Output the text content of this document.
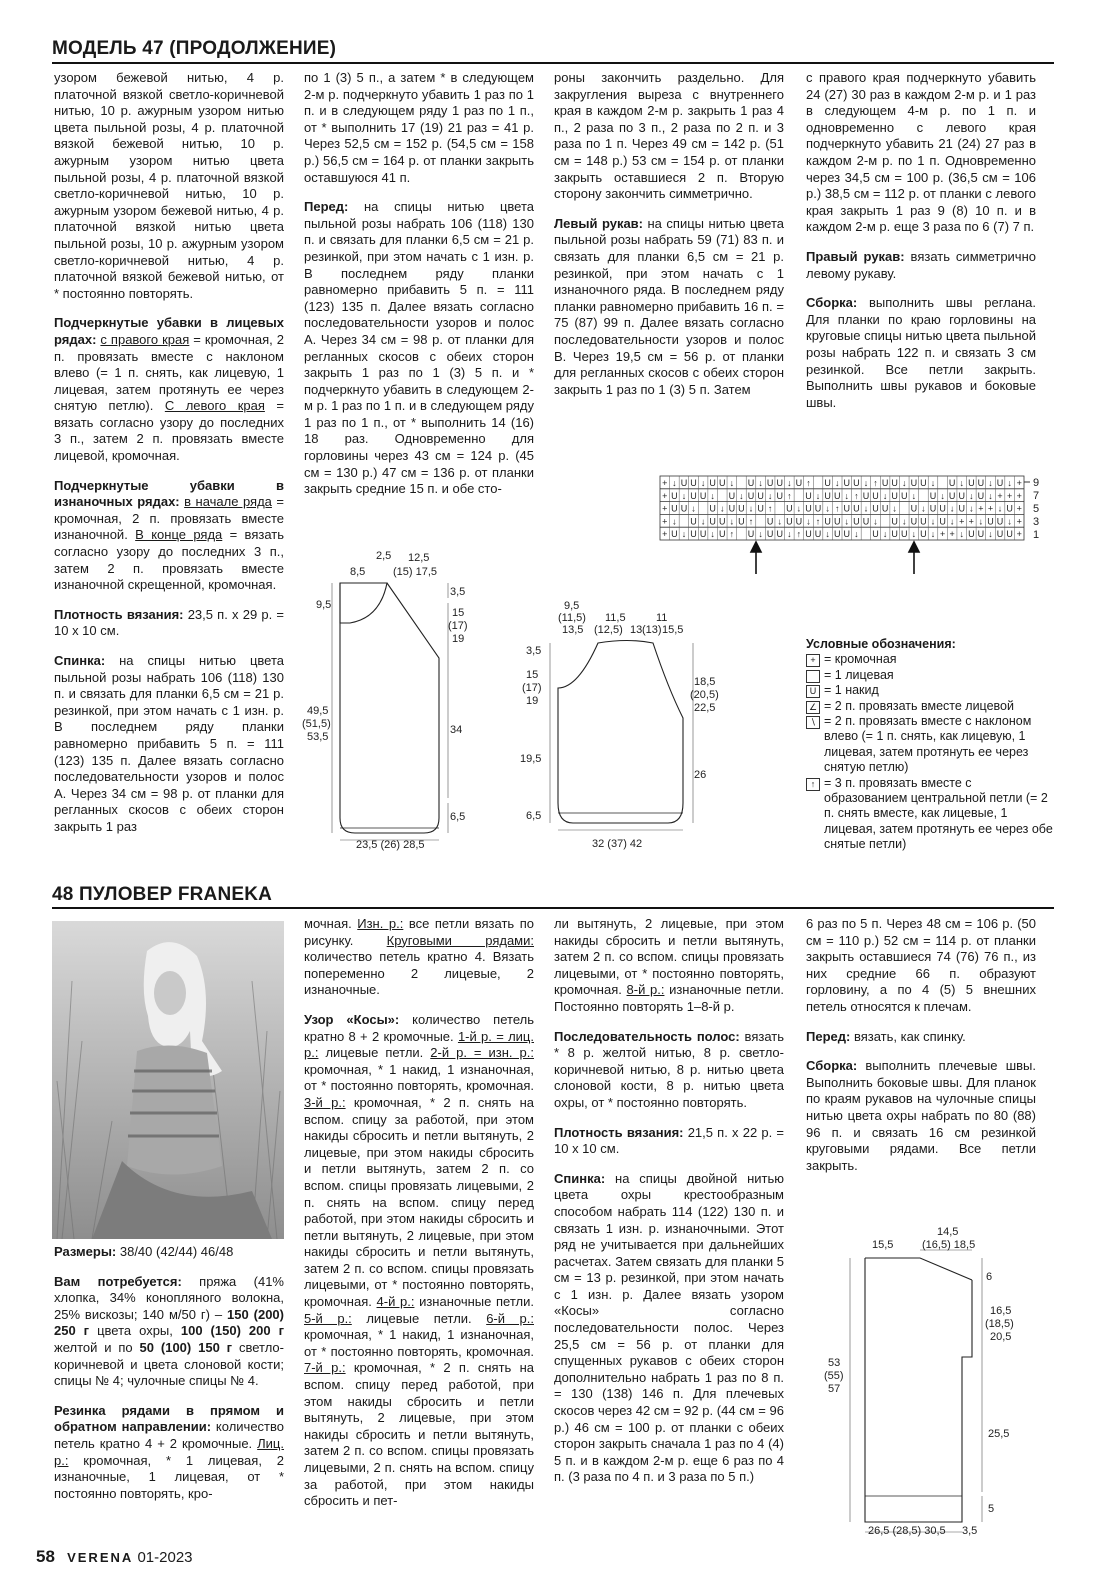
МОДЕЛЬ 47 (ПРОДОЛЖЕНИЕ)

узором бежевой нитью, 4 р. платочной вязкой светло-коричневой нитью, 10 р. ажурным узором нитью цвета пыльной розы, 4 р. платочной вязкой бежевой нитью, 10 р. ажурным узором нитью цвета пыльной розы, 4 р. платочной вязкой светло-коричневой нитью, 10 р. ажурным узором бежевой нитью, 4 р. платочной вязкой нитью цвета пыльной розы, 10 р. ажурным узором светло-коричневой нитью, 4 р. платочной вязкой бежевой нитью, от * постоянно повторять.

Подчеркнутые убавки в лицевых рядах: с правого края = кромочная, 2 п. провязать вместе с наклоном влево (= 1 п. снять, как лицевую, 1 лицевая, затем протянуть ее через снятую петлю). С левого края = вязать согласно узору до последних 3 п., затем 2 п. провязать вместе лицевой, кромочная.

Подчеркнутые убавки в изнаночных рядах: в начале ряда = кромочная, 2 п. провязать вместе изнаночной. В конце ряда = вязать согласно узору до последних 3 п., затем 2 п. провязать вместе изнаночной скрещенной, кромочная.

Плотность вязания: 23,5 п. х 29 р. = 10 х 10 см.

Спинка: на спицы нитью цвета пыльной розы набрать 106 (118) 130 п. и связать для планки 6,5 см = 21 р. резинкой, при этом начать с 1 изн. р. В последнем ряду планки равномерно прибавить 5 п. = 111 (123) 135 п. Далее вязать согласно последовательности узоров и полос А. Через 34 см = 98 р. от планки для регланных скосов с обеих сторон закрыть 1 раз

по 1 (3) 5 п., а затем * в следующем 2-м р. подчеркнуто убавить 1 раз по 1 п. и в следующем ряду 1 раз по 1 п., от * выполнить 17 (19) 21 раз = 41 р. Через 52,5 см = 152 р. (54,5 см = 158 р.) 56,5 см = 164 р. от планки закрыть оставшуюся 41 п.

Перед: на спицы нитью цвета пыльной розы набрать 106 (118) 130 п. и связать для планки 6,5 см = 21 р. резинкой, при этом начать с 1 изн. р. В последнем ряду планки равномерно прибавить 5 п. = 111 (123) 135 п. Далее вязать согласно последовательности узоров и полос А. Через 34 см = 98 р. от планки для регланных скосов с обеих сторон закрыть 1 раз по 1 (3) 5 п. и * подчеркнуто убавить в следующем 2-м р. 1 раз по 1 п. и в следующем ряду 1 раз по 1 п., от * выполнить 14 (16) 18 раз. Одновременно для горловины через 43 см = 124 р. (45 см = 130 р.) 47 см = 136 р. от планки закрыть средние 15 п. и обе сто-

роны закончить раздельно. Для закругления выреза с внутреннего края в каждом 2-м р. закрыть 1 раз 4 п., 2 раза по 3 п., 2 раза по 2 п. и 3 раза по 1 п. Через 49 см = 142 р. (51 см = 148 р.) 53 см = 154 р. от планки закрыть оставшиеся 2 п. Вторую сторону закончить симметрично.

Левый рукав: на спицы нитью цвета пыльной розы набрать 59 (71) 83 п. и связать для планки 6,5 см = 21 р. резинкой, при этом начать с 1 изнаночного ряда. В последнем ряду планки равномерно прибавить 16 п. = 75 (87) 99 п. Далее вязать согласно последовательности узоров и полос В. Через 19,5 см = 56 р. от планки для регланных скосов с обеих сторон закрыть 1 раз по 1 (3) 5 п. Затем

с правого края подчеркнуто убавить 24 (27) 30 раз в каждом 2-м р. и 1 раз в следующем 4-м р. по 1 п. и одновременно с левого края подчеркнуто убавить 21 (24) 27 раз в каждом 2-м р. по 1 п. Одновременно через 34,5 см = 100 р. (36,5 см = 106 р.) 38,5 см = 112 р. от планки с левого края закрыть 1 раз 9 (8) 10 п. и в каждом 2-м р. еще 3 раза по 6 (7) 7 п.

Правый рукав: вязать симметрично левому рукаву.

Сборка: выполнить швы реглана. Для планки по краю горловины на круговые спицы нитью цвета пыльной розы набрать 122 п. и связать 3 см резинкой. Все петли закрыть. Выполнить швы рукавов и боковые швы.

+ ↓ U U ↓ U U ↓ U ↓ U U ↓ U ↑ U ↓ U U ↓ ↑ U U ↓ U U ↓ U ↓ U U ↓ U ↓ +
+ U ↓ U U ↓ U ↓ U U ↓ U ↑ U ↓ U U ↓ ↑ U U ↓ U U ↓ U ↓ U U ↓ U ↓ + + +
+ U U ↓ U ↓ U U ↓ U ↑ U ↓ U U ↓ ↑ U U ↓ U U ↓ U ↓ U U ↓ U ↓ + + ↓ U +
+ ↓ U ↓ U U ↓ U ↑ U ↓ U U ↓ ↑ U U ↓ U U ↓ U ↓ U U ↓ U ↓ + + ↓ U U ↓ +
+ U ↓ U U ↓ U ↑ U ↓ U U ↓ ↑ U U ↓ U U ↓ U ↓ U U ↓ U ↓ + + ↓ U U ↓ U U +
9
7
5
3
1
Условные обозначения:
+ = кромочная
= 1 лицевая
U = 1 накид
∠ = 2 п. провязать вместе лицевой
∖ = 2 п. провязать вместе с наклоном влево (= 1 п. снять, как лицевую, 1 лицевая, затем протянуть ее через снятую петлю)
↑ = 3 п. провязать вместе с образованием центральной петли (= 2 п. снять вместе, как лицевые, 1 лицевая, затем протянуть ее через обе снятые петли)
8,5
2,5 12,5
(15) 17,5
3,5
15
(17)
19
9,5
49,5
(51,5)
53,5
34
6,5
23,5 (26) 28,5
9,5
(11,5)
13,5
11,5
(12,5) 13 (13)
11
15,5
3,5
15
(17)
19
18,5
(20,5)
22,5
19,5
26
6,5
32 (37) 42
48 ПУЛОВЕР FRANEKA

Размеры: 38/40 (42/44) 46/48

Вам потребуется: пряжа (41% хлопка, 34% конопляного волокна, 25% вискозы; 140 м/50 г) – 150 (200) 250 г цвета охры, 100 (150) 200 г желтой и по 50 (100) 150 г светло-коричневой и цвета слоновой кости; спицы № 4; чулочные спицы № 4.

Резинка рядами в прямом и обратном направлении: количество петель кратно 4 + 2 кромочные. Лиц. р.: кромочная, * 1 лицевая, 2 изнаночные, 1 лицевая, от * постоянно повторять, кро-

мочная. Изн. р.: все петли вязать по рисунку. Круговыми рядами: количество петель кратно 4. Вязать попеременно 2 лицевые, 2 изнаночные.

Узор «Косы»: количество петель кратно 8 + 2 кромочные. 1-й р. = лиц. р.: лицевые петли. 2-й р. = изн. р.: кромочная, * 1 накид, 1 изнаночная, от * постоянно повторять, кромочная. 3-й р.: кромочная, * 2 п. снять на вспом. спицу за работой, при этом накиды сбросить и петли вытянуть, 2 лицевые, при этом накиды сбросить и петли вытянуть, затем 2 п. со вспом. спицы провязать лицевыми, 2 п. снять на вспом. спицу перед работой, при этом накиды сбросить и петли вытянуть, 2 лицевые, при этом накиды сбросить и петли вытянуть, затем 2 п. со вспом. спицы провязать лицевыми, от * постоянно повторять, кромочная. 4-й р.: изнаночные петли. 5-й р.: лицевые петли. 6-й р.: кромочная, * 1 накид, 1 изнаночная, от * постоянно повторять, кромочная. 7-й р.: кромочная, * 2 п. снять на вспом. спицу перед работой, при этом накиды сбросить и петли вытянуть, 2 лицевые, при этом накиды сбросить и петли вытянуть, затем 2 п. со вспом. спицы провязать лицевыми, 2 п. снять на вспом. спицу за работой, при этом накиды сбросить и пет-

ли вытянуть, 2 лицевые, при этом накиды сбросить и петли вытянуть, затем 2 п. со вспом. спицы провязать лицевыми, от * постоянно повторять, кромочная. 8-й р.: изнаночные петли. Постоянно повторять 1–8-й р.

Последовательность полос: вязать * 8 р. желтой нитью, 8 р. светло-коричневой нитью, 8 р. нитью цвета слоновой кости, 8 р. нитью цвета охры, от * постоянно повторять.

Плотность вязания: 21,5 п. х 22 р. = 10 х 10 см.

Спинка: на спицы двойной нитью цвета охры крестообразным способом набрать 114 (122) 130 п. и связать 1 изн. р. изнаночными. Этот ряд не учитывается при дальнейших расчетах. Затем связать для планки 5 см = 13 р. резинкой, при этом начать с 1 изн. р. Далее вязать узором «Косы» согласно последовательности полос. Через 25,5 см = 56 р. от планки для спущенных рукавов с обеих сторон дополнительно набрать 1 раз по 8 п. = 130 (138) 146 п. Для плечевых скосов через 42 см = 92 р. (44 см = 96 р.) 46 см = 100 р. от планки с обеих сторон закрыть сначала 1 раз по 4 (4) 5 п. и в каждом 2-м р. еще 6 раз по 4 п. (3 раза по 4 п. и 3 раза по 5 п.)

6 раз по 5 п. Через 48 см = 106 р. (50 см = 110 р.) 52 см = 114 р. от планки закрыть оставшиеся 74 (76) 76 п., из них средние 66 п. образуют горловину, а по 4 (5) 5 внешних петель относятся к плечам.

Перед: вязать, как спинку.

Сборка: выполнить плечевые швы. Выполнить боковые швы. Для планок по краям рукавов на чулочные спицы нитью цвета охры набрать по 80 (88) 96 п. и связать 16 см резинкой круговыми рядами. Все петли закрыть.

14,5
(16,5) 18,5
15,5
6
16,5
(18,5)
20,5
53
(55)
57
25,5
5
26,5 (28,5) 30,5 3,5
58 VERENA 01-2023
